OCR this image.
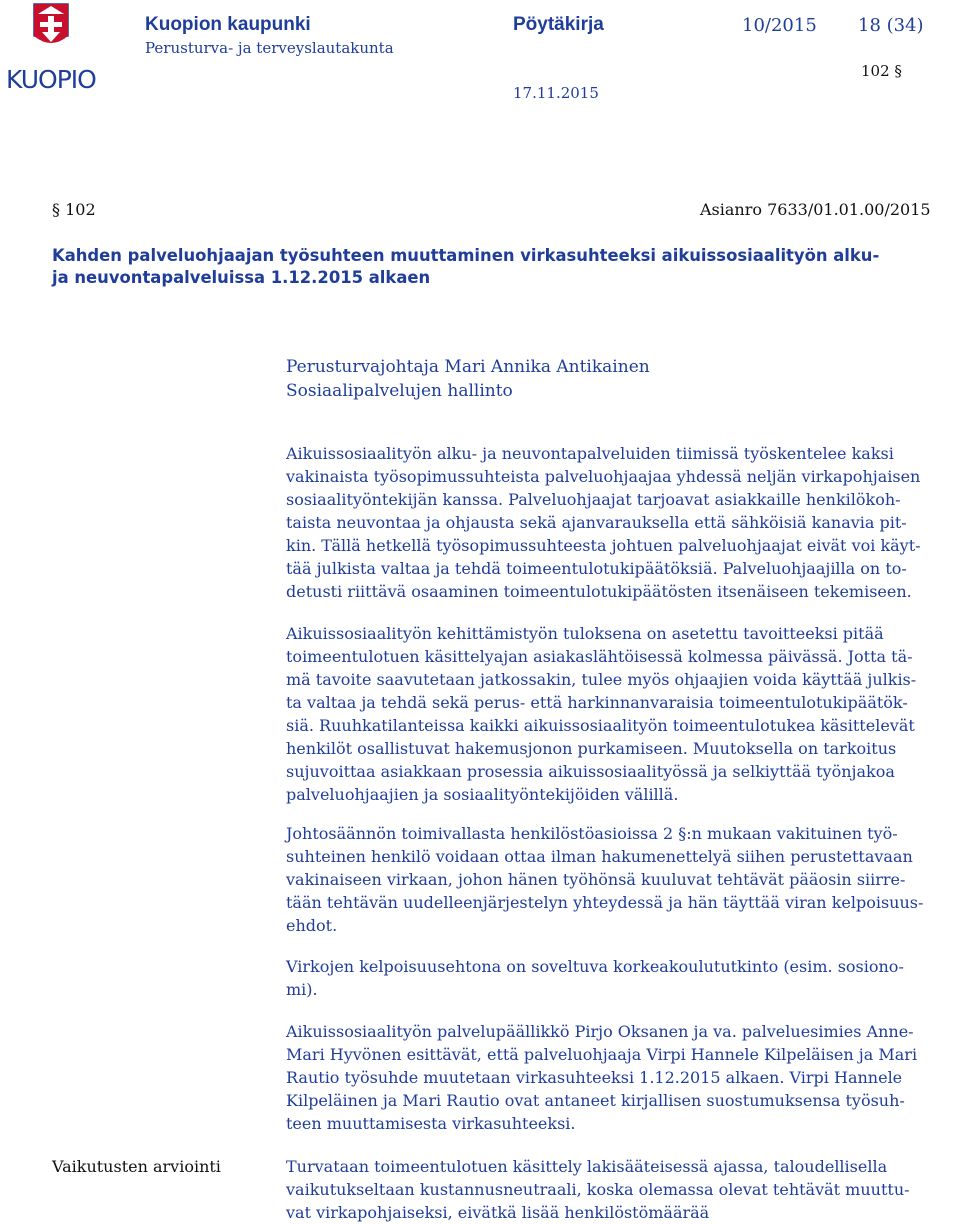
KUOPIO
Kuopion kaupunki
Perusturva- ja terveyslautakunta
Pöytäkirja	10/2015 18 (34)
102 §
17.11.2015
§ 102	Asianro 7633/01.01.00/2015
Kahden palveluohjaajan työsuhteen muuttaminen virkasuhteeksi aikuissosiaalityön alku-
ja neuvontapalveluissa 1.12.2015 alkaen
Perusturvajohtaja Mari Annika Antikainen
Sosiaalipalvelujen hallinto
Aikuissosiaalityön alku- ja neuvontapalveluiden tiimissä työskentelee kaksi
vakinaista työsopimussuhteista palveluohjaajaa yhdessä neljän virkapohjaisen
sosiaalityöntekijän kanssa. Palveluohjaajat tarjoavat asiakkaille henkilökoh-
taista neuvontaa ja ohjausta sekä ajanvarauksella että sähköisiä kanavia pit-
kin. Tällä hetkellä työsopimussuhteesta johtuen palveluohjaajat eivät voi käyt-
tää julkista valtaa ja tehdä toimeentulotukipäätöksiä. Palveluohjaajilla on to-
detusti riittävä osaaminen toimeentulotukipäätösten itsenäiseen tekemiseen.
Aikuissosiaalityön kehittämistyön tuloksena on asetettu tavoitteeksi pitää
toimeentulotuen käsittelyajan asiakaslähtöisessä kolmessa päivässä. Jotta tä-
mä tavoite saavutetaan jatkossakin, tulee myös ohjaajien voida käyttää julkis-
ta valtaa ja tehdä sekä perus- että harkinnanvaraisia toimeentulotukipäätök-
siä. Ruuhkatilanteissa kaikki aikuissosiaalityön toimeentulotukea käsittelevät
henkilöt osallistuvat hakemusjonon purkamiseen. Muutoksella on tarkoitus
sujuvoittaa asiakkaan prosessia aikuissosiaalityössä ja selkiyttää työnjakoa
palveluohjaajien ja sosiaalityöntekijöiden välillä.
Johtosäännön toimivallasta henkilöstöasioissa 2 §:n mukaan vakituinen työ-
suhteinen henkilö voidaan ottaa ilman hakumenettelyä siihen perustettavaan
vakinaiseen virkaan, johon hänen työhönsä kuuluvat tehtävät pääosin siirre-
tään tehtävän uudelleenjärjestelyn yhteydessä ja hän täyttää viran kelpoisuus-
ehdot.
Virkojen kelpoisuusehtona on soveltuva korkeakoulututkinto (esim. sosiono-
mi).
Aikuissosiaalityön palvelupäällikkö Pirjo Oksanen ja va. palveluesimies Anne-
Mari Hyvönen esittävät, että palveluohjaaja Virpi Hannele Kilpeläisen ja Mari
Rautio työsuhde muutetaan virkasuhteeksi 1.12.2015 alkaen. Virpi Hannele
Kilpeläinen ja Mari Rautio ovat antaneet kirjallisen suostumuksensa työsuh-
teen muuttamisesta virkasuhteeksi.
Vaikutusten arviointi	Turvataan toimeentulotuen käsittely lakisääteisessä ajassa, taloudellisella
vaikutukseltaan kustannusneutraali, koska olemassa olevat tehtävät muuttu-
vat virkapohjaiseksi, eivätkä lisää henkilöstömäärää
